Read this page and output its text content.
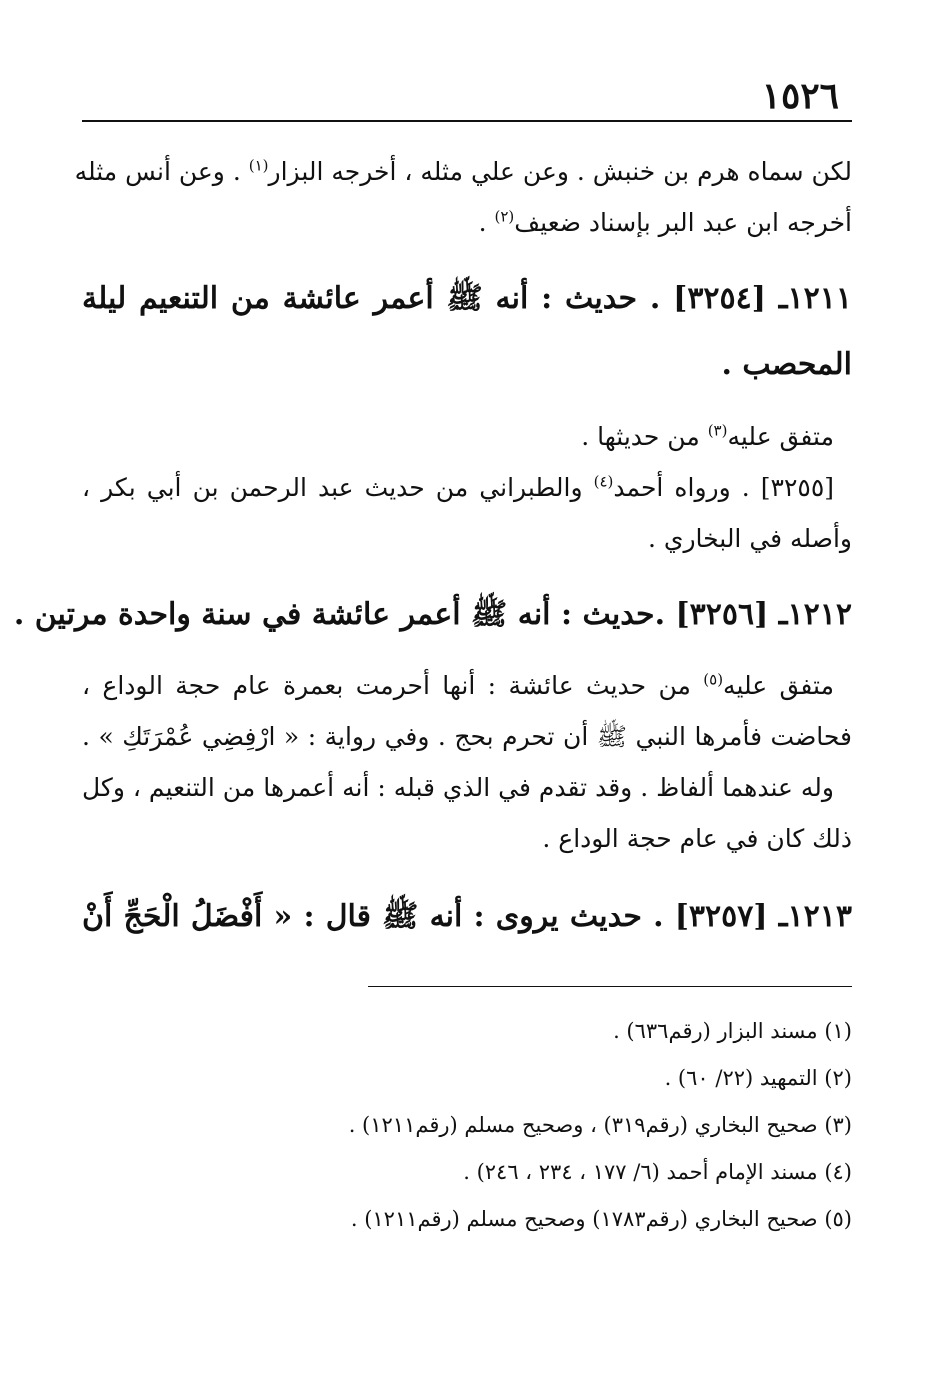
١٥٢٦
لكن سماه هرم بن خنبش . وعن علي مثله ، أخرجه البزار$^{(١)}$ . وعن أنس مثله
أخرجه ابن عبد البر بإسناد ضعيف$^{(٢)}$ .
١٢١١ـ [٣٢٥٤] . حديث : أنه ﷺ أعمر عائشة من التنعيم ليلة
المحصب .
متفق عليه$^{(٣)}$ من حديثها .
[٣٢٥٥] . ورواه أحمد$^{(٤)}$ والطبراني من حديث عبد الرحمن بن أبي بكر ،
وأصله في البخاري .
١٢١٢ـ [٣٢٥٦] .حديث : أنه ﷺ أعمر عائشة في سنة واحدة مرتين .
متفق عليه$^{(٥)}$ من حديث عائشة : أنها أحرمت بعمرة عام حجة الوداع ،
فحاضت فأمرها النبي ﷺ أن تحرم بحج . وفي رواية : « ارْفِضِي عُمْرَتَكِ » .
وله عندهما ألفاظ . وقد تقدم في الذي قبله : أنه أعمرها من التنعيم ، وكل
ذلك كان في عام حجة الوداع .
١٢١٣ـ [٣٢٥٧] . حديث يروى : أنه ﷺ قال : « أَفْضَلُ الْحَجِّ أَنْ
(١) مسند البزار (رقم٦٣٦) .
(٢) التمهيد (٢٢/ ٦٠) .
(٣) صحيح البخاري (رقم٣١٩) ، وصحيح مسلم (رقم١٢١١) .
(٤) مسند الإمام أحمد (٦/ ١٧٧ ، ٢٣٤ ، ٢٤٦) .
(٥) صحيح البخاري (رقم١٧٨٣) وصحيح مسلم (رقم١٢١١) .
